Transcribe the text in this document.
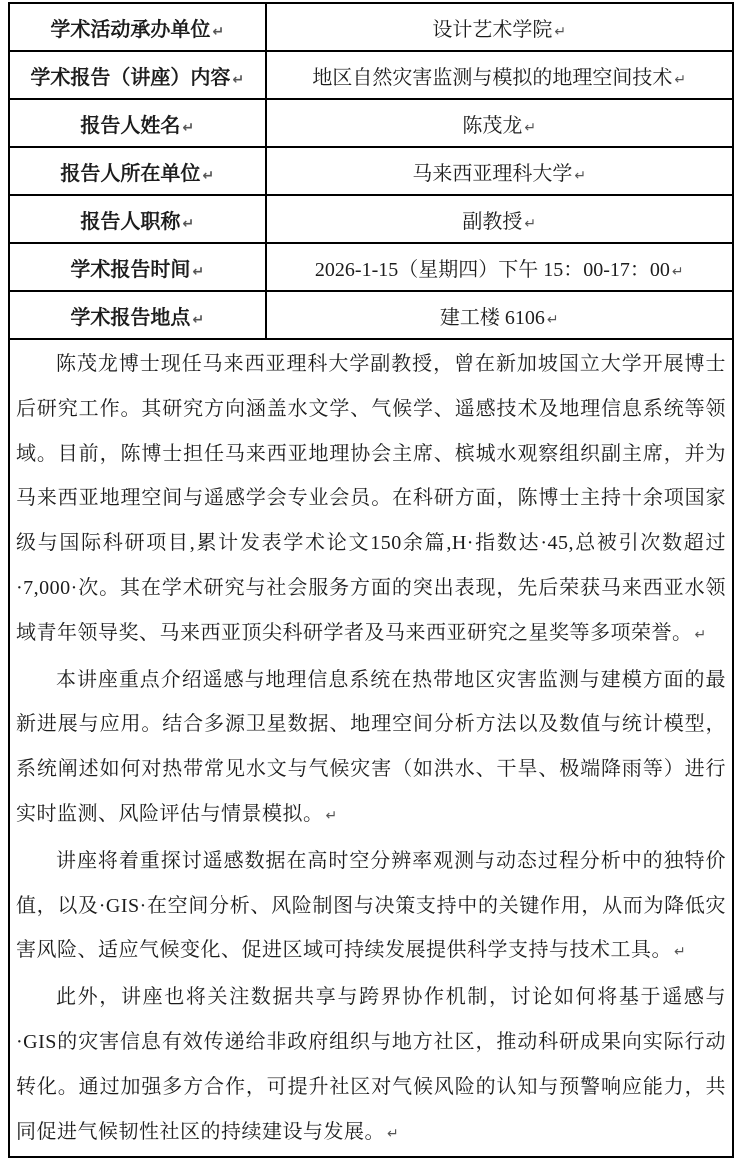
学术活动承办单位 ↵	设计艺术学院 ↵
学术报告（讲座）内容 ↵	地区自然灾害监测与模拟的地理空间技术 ↵
报告人姓名 ↵	陈茂龙 ↵
报告人所在单位 ↵	马来西亚理科大学 ↵
报告人职称 ↵	副教授 ↵
学术报告时间 ↵	2026-1-15（星期四）下午 15：00-17：00 ↵
学术报告地点 ↵	建工楼 6106 ↵

陈茂龙博士现任马来西亚理科大学副教授，曾在新加坡国立大学开展博士后研究工作。其研究方向涵盖水文学、气候学、遥感技术及地理信息系统等领域。目前，陈博士担任马来西亚地理协会主席、槟城水观察组织副主席，并为马来西亚地理空间与遥感学会专业会员。在科研方面，陈博士主持十余项国家级与国际科研项目,累计发表学术论文150余篇,H·指数达·45,总被引次数超过·7,000·次。其在学术研究与社会服务方面的突出表现，先后荣获马来西亚水领域青年领导奖、马来西亚顶尖科研学者及马来西亚研究之星奖等多项荣誉。 ↵

本讲座重点介绍遥感与地理信息系统在热带地区灾害监测与建模方面的最新进展与应用。结合多源卫星数据、地理空间分析方法以及数值与统计模型，系统阐述如何对热带常见水文与气候灾害（如洪水、干旱、极端降雨等）进行实时监测、风险评估与情景模拟。 ↵

讲座将着重探讨遥感数据在高时空分辨率观测与动态过程分析中的独特价值，以及·GIS·在空间分析、风险制图与决策支持中的关键作用，从而为降低灾害风险、适应气候变化、促进区域可持续发展提供科学支持与技术工具。 ↵

此外，讲座也将关注数据共享与跨界协作机制，讨论如何将基于遥感与·GIS的灾害信息有效传递给非政府组织与地方社区，推动科研成果向实际行动转化。通过加强多方合作，可提升社区对气候风险的认知与预警响应能力，共同促进气候韧性社区的持续建设与发展。 ↵	
